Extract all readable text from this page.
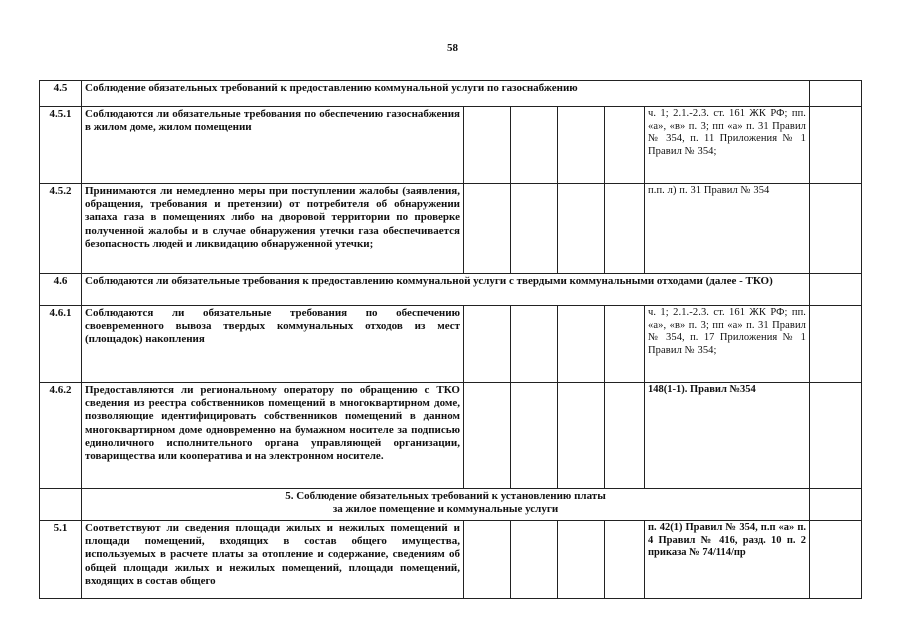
58
4.5	Соблюдение обязательных требований к предоставлению коммунальной услуги по газоснабжению						
4.5.1	Соблюдаются ли обязательные требования по обеспечению газоснабжения в жилом доме, жилом помещении					ч. 1; 2.1.-2.3. ст. 161 ЖК РФ; пп. «а», «в» п. 3; пп «а» п. 31 Правил № 354, п. 11 Приложения № 1 Правил № 354;	
4.5.2	Принимаются ли немедленно меры при поступлении жалобы (заявления, обращения, требования и претензии) от потребителя об обнаружении запаха газа в помещениях либо на дворовой территории по проверке полученной жалобы и в случае обнаружения утечки газа обеспечивается безопасность людей и ликвидацию обнаруженной утечки;					п.п. л) п. 31 Правил № 354	
4.6	Соблюдаются ли обязательные требования к предоставлению коммунальной услуги с твердыми коммунальными отходами (далее - ТКО)						
4.6.1	Соблюдаются ли обязательные требования по обеспечению своевременного вывоза твердых коммунальных отходов из мест (площадок) накопления					ч. 1; 2.1.-2.3. ст. 161 ЖК РФ; пп. «а», «в» п. 3; пп «а» п. 31 Правил № 354, п. 17 Приложения № 1 Правил № 354;	
4.6.2	Предоставляются ли региональному оператору по обращению с ТКО сведения из реестра собственников помещений в многоквартирном доме, позволяющие идентифицировать собственников помещений в данном многоквартирном доме одновременно на бумажном носителе за подписью единоличного исполнительного органа управляющей организации, товарищества или кооператива и на электронном носителе.					148(1-1). Правил №354	

	5. Соблюдение обязательных требований к установлению платы
за жилое помещение и коммунальные услуги						

5.1	Соответствуют ли сведения площади жилых и нежилых помещений и площади помещений, входящих в состав общего имущества, используемых в расчете платы за отопление и содержание, сведениям об общей площади жилых и нежилых помещений, площади помещений, входящих в состав общего					п. 42(1) Правил № 354, п.п «а» п. 4 Правил № 416, разд. 10 п. 2 приказа № 74/114/пр	
